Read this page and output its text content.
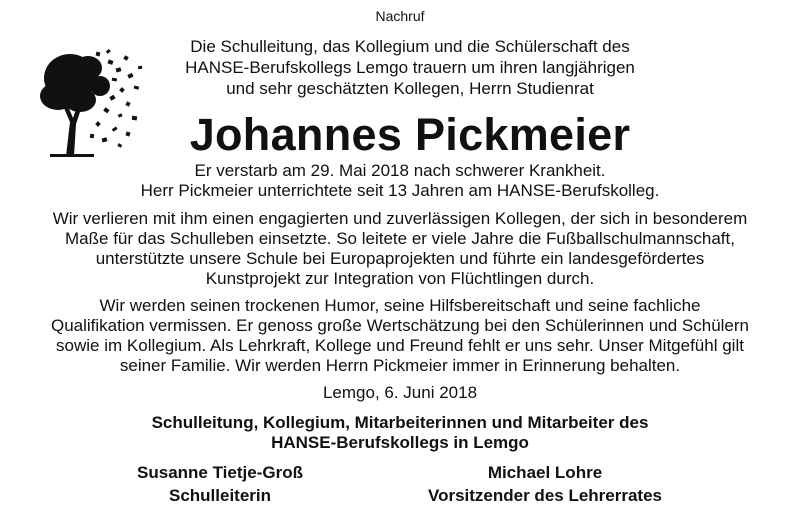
Nachruf
Die Schulleitung, das Kollegium und die Schülerschaft des
HANSE-Berufskollegs Lemgo trauern um ihren langjährigen
und sehr geschätzten Kollegen, Herrn Studienrat
Johannes Pickmeier
Er verstarb am 29. Mai 2018 nach schwerer Krankheit.
Herr Pickmeier unterrichtete seit 13 Jahren am HANSE-Berufskolleg.
Wir verlieren mit ihm einen engagierten und zuverlässigen Kollegen, der sich in besonderem
Maße für das Schulleben einsetzte. So leitete er viele Jahre die Fußballschulmannschaft,
unterstützte unsere Schule bei Europaprojekten und führte ein landesgefördertes
Kunstprojekt zur Integration von Flüchtlingen durch.
Wir werden seinen trockenen Humor, seine Hilfsbereitschaft und seine fachliche
Qualifikation vermissen. Er genoss große Wertschätzung bei den Schülerinnen und Schülern
sowie im Kollegium. Als Lehrkraft, Kollege und Freund fehlt er uns sehr. Unser Mitgefühl gilt
seiner Familie. Wir werden Herrn Pickmeier immer in Erinnerung behalten.
Lemgo, 6. Juni 2018
Schulleitung, Kollegium, Mitarbeiterinnen und Mitarbeiter des
HANSE-Berufskollegs in Lemgo
Susanne Tietje-Groß
Schulleiterin
Michael Lohre
Vorsitzender des Lehrerrates
